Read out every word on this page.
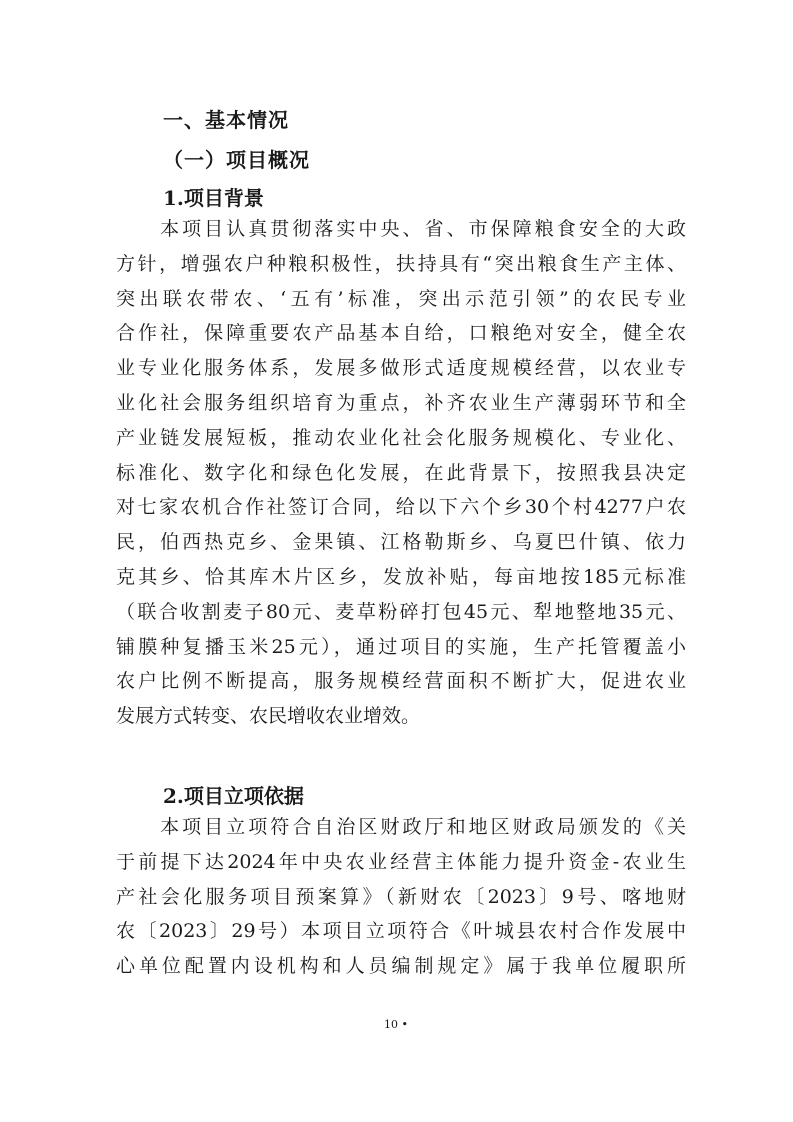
一、基本情况
（一）项目概况
1.项目背景
　　本项目认真贯彻落实中央、省、市保障粮食安全的大政
方针，增强农户种粮积极性，扶持具有“突出粮食生产主体、
突出联农带农、‘五有’标准，突出示范引领”的农民专业
合作社，保障重要农产品基本自给，口粮绝对安全，健全农
业专业化服务体系，发展多做形式适度规模经营，以农业专
业化社会服务组织培育为重点，补齐农业生产薄弱环节和全
产业链发展短板，推动农业化社会化服务规模化、专业化、
标准化、数字化和绿色化发展，在此背景下，按照我县决定
对七家农机合作社签订合同，给以下六个乡30个村4277户农
民，伯西热克乡、金果镇、江格勒斯乡、乌夏巴什镇、依力
克其乡、恰其库木片区乡，发放补贴，每亩地按185元标准
（联合收割麦子80元、麦草粉碎打包45元、犁地整地35元、
铺膜种复播玉米25元），通过项目的实施，生产托管覆盖小
农户比例不断提高，服务规模经营面积不断扩大，促进农业
发展方式转变、农民增收农业增效。
2.项目立项依据
　　本项目立项符合自治区财政厅和地区财政局颁发的《关
于前提下达2024年中央农业经营主体能力提升资金-农业生
产社会化服务项目预案算》（新财农〔2023〕9号、喀地财
农〔2023〕29号）本项目立项符合《叶城县农村合作发展中
心单位配置内设机构和人员编制规定》属于我单位履职所
10 •
